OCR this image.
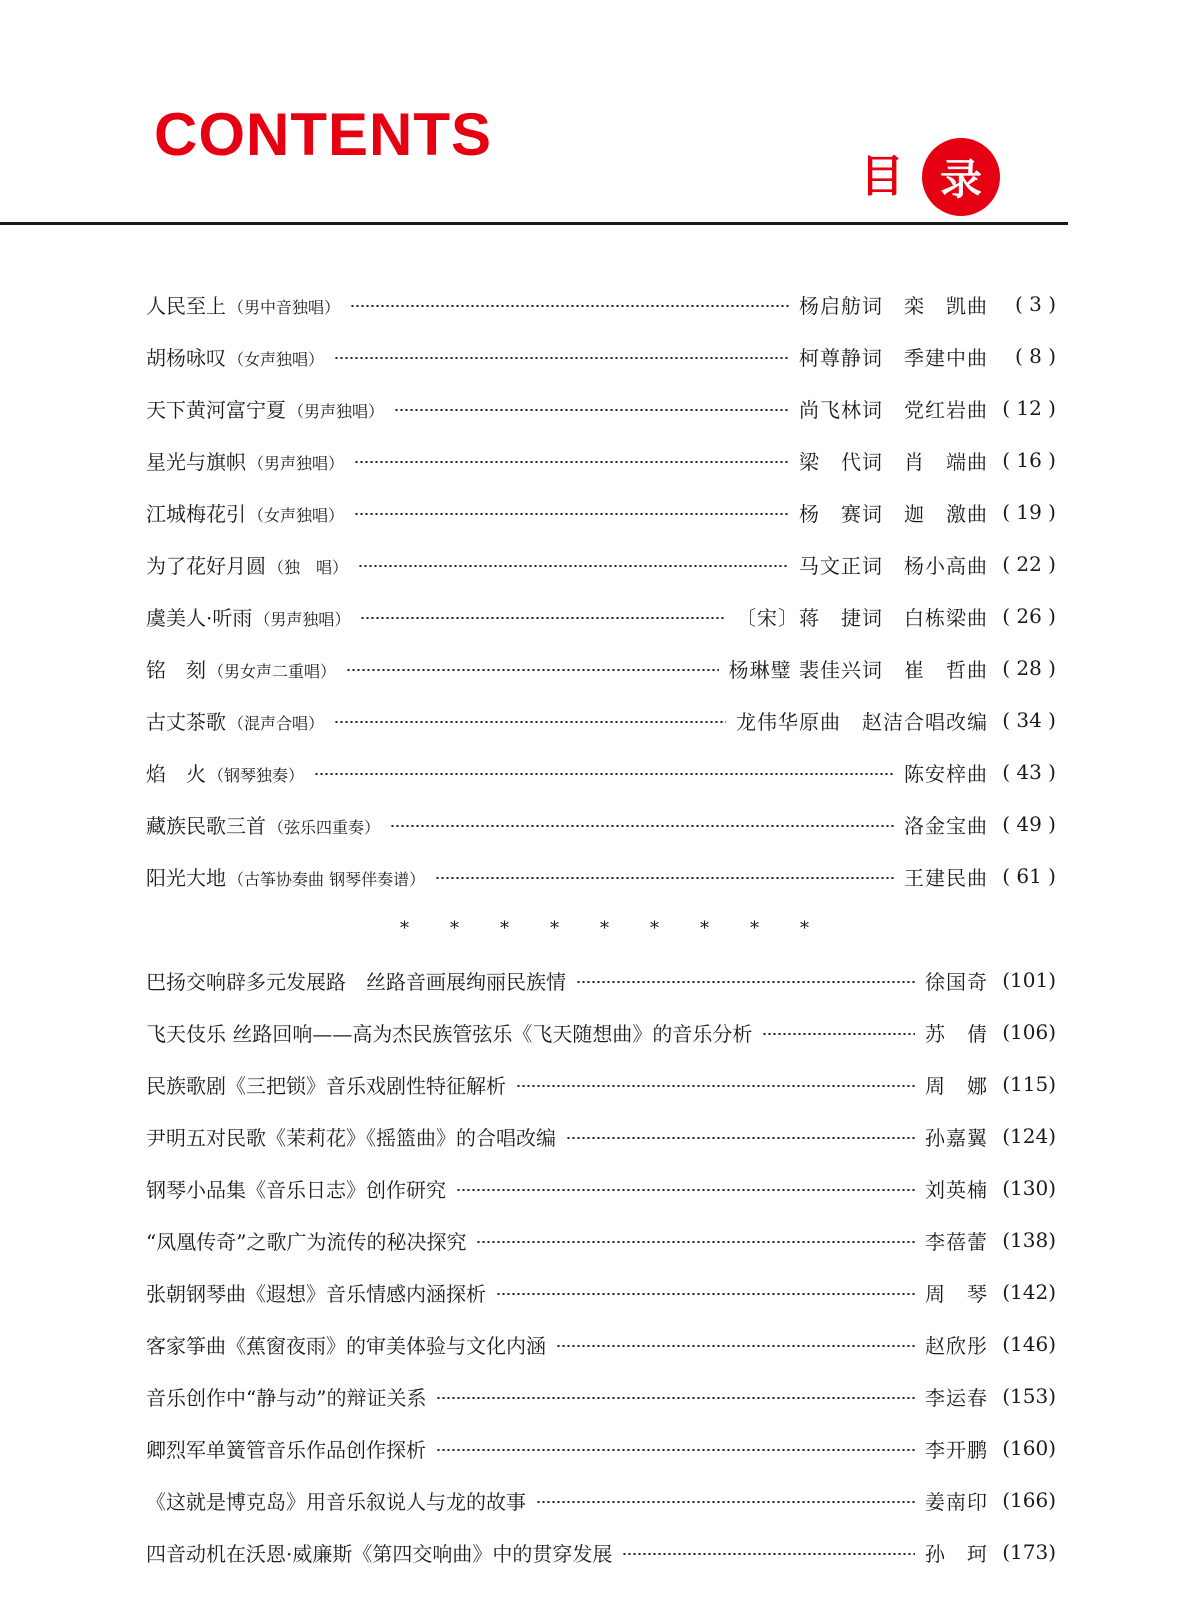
CONTENTS
目 录
人民至上 （男中音独唱）	杨启舫词　栾　凯曲	( 3 )
胡杨咏叹 （女声独唱）	柯尊静词　季建中曲	( 8 )
天下黄河富宁夏 （男声独唱）	尚飞林词　党红岩曲 ( 12 )
星光与旗帜 （男声独唱）	梁　代词　肖　端曲 ( 16 )
江城梅花引 （女声独唱）	杨　赛词　迦　激曲 ( 19 )
为了花好月圆 （独　唱）	马文正词　杨小高曲 ( 22 )
虞美人·听雨 （男声独唱）	〔宋〕蒋　捷词　白栋梁曲 ( 26 )
铭　刻 （男女声二重唱）	杨琳璧 裴佳兴词　崔　哲曲 ( 28 )
古丈茶歌 （混声合唱）	龙伟华原曲　赵洁合唱改编 ( 34 )
焰　火 （钢琴独奏）	陈安梓曲 ( 43 )
藏族民歌三首 （弦乐四重奏）	洛金宝曲 ( 49 )
阳光大地 （古筝协奏曲 钢琴伴奏谱）	王建民曲 ( 61 )
*	*	*	*	*	*	*	*	*
巴扬交响辟多元发展路　丝路音画展绚丽民族情	徐国奇 (101)
飞天伎乐 丝路回响——高为杰民族管弦乐《飞天随想曲》的音乐分析	苏　倩 (106)
民族歌剧《三把锁》音乐戏剧性特征解析	周　娜 (115)
尹明五对民歌《茉莉花》《摇篮曲》的合唱改编	孙嘉翼 (124)
钢琴小品集《音乐日志》创作研究	刘英楠 (130)
“凤凰传奇”之歌广为流传的秘决探究	李蓓蕾 (138)
张朝钢琴曲《遐想》音乐情感内涵探析	周　琴 (142)
客家筝曲《蕉窗夜雨》的审美体验与文化内涵	赵欣彤 (146)
音乐创作中“静与动”的辩证关系	李运春 (153)
卿烈军单簧管音乐作品创作探析	李开鹏 (160)
《这就是博克岛》用音乐叙说人与龙的故事	姜南印 (166)
四音动机在沃恩·威廉斯《第四交响曲》中的贯穿发展	孙　珂 (173)
